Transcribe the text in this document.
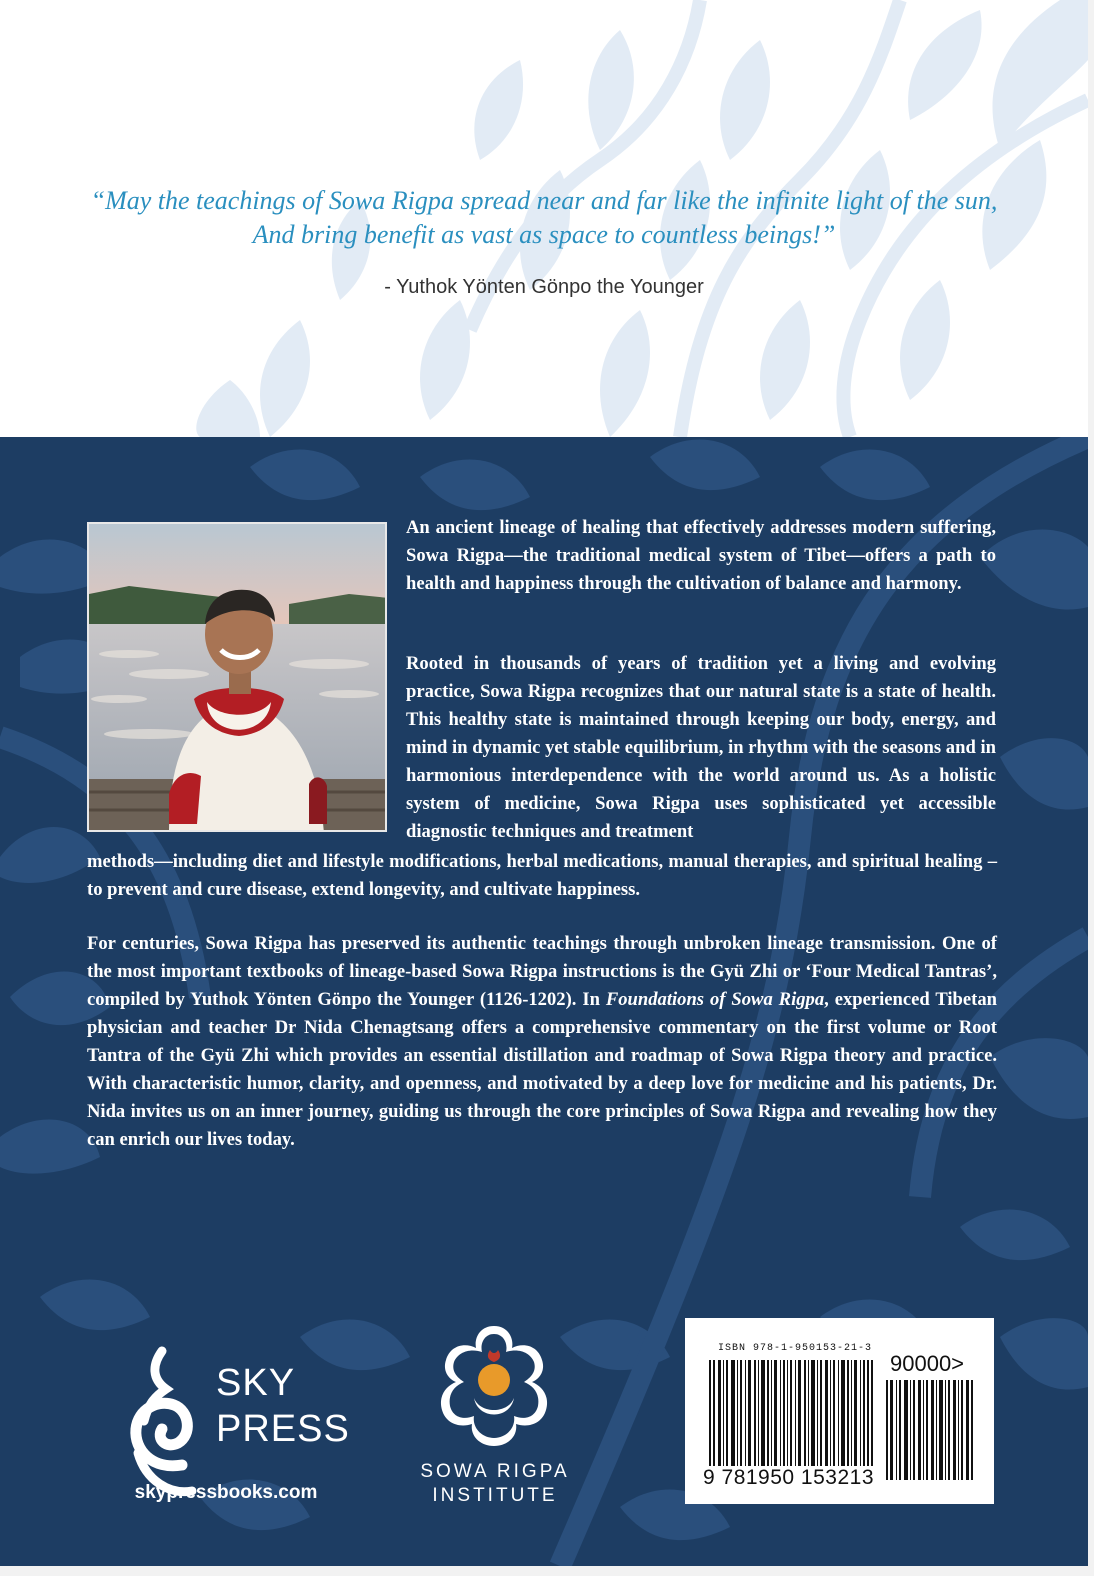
“May the teachings of Sowa Rigpa spread near and far like the infinite light of the sun,
And bring benefit as vast as space to countless beings!”
- Yuthok Yönten Gönpo the Younger
An ancient lineage of healing that effectively addresses modern suffering, Sowa Rigpa—the traditional medical system of Tibet—offers a path to health and happiness through the cultivation of balance and harmony.
Rooted in thousands of years of tradition yet a living and evolving practice, Sowa Rigpa recognizes that our natural state is a state of health. This healthy state is maintained through keeping our body, energy, and mind in dynamic yet stable equilibrium, in rhythm with the seasons and in harmonious interdependence with the world around us. As a holistic system of medicine, Sowa Rigpa uses sophisticated yet accessible diagnostic techniques and treatment
methods—including diet and lifestyle modifications, herbal medications, manual therapies, and spiritual healing – to prevent and cure disease, extend longevity, and cultivate happiness.
For centuries, Sowa Rigpa has preserved its authentic teachings through unbroken lineage transmission. One of the most important textbooks of lineage-based Sowa Rigpa instructions is the Gyü Zhi or ‘Four Medical Tantras’, compiled by Yuthok Yönten Gönpo the Younger (1126-1202). In Foundations of Sowa Rigpa, experienced Tibetan physician and teacher Dr Nida Chenagtsang offers a comprehensive commentary on the first volume or Root Tantra of the Gyü Zhi which provides an essential distillation and roadmap of Sowa Rigpa theory and practice. With characteristic humor, clarity, and openness, and motivated by a deep love for medicine and his patients, Dr. Nida invites us on an inner journey, guiding us through the core principles of Sowa Rigpa and revealing how they can enrich our lives today.
SKY
PRESS
skypressbooks.com
SOWA RIGPA
INSTITUTE
ISBN 978-1-950153-21-3
90000>
9 781950 153213
